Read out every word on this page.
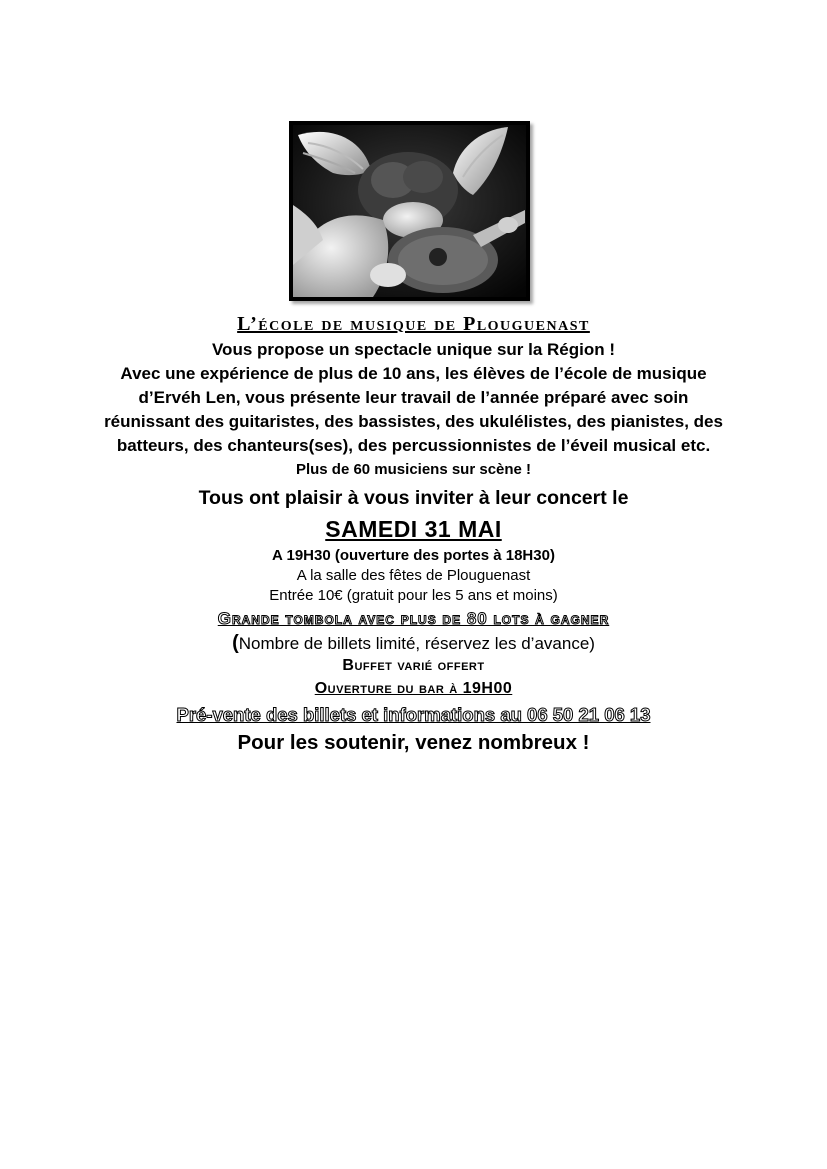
L’école de musique de Plouguenast

Vous propose un spectacle unique sur la Région !

Avec une expérience de plus de 10 ans, les élèves de l’école de musique

d’Ervéh Len, vous présente leur travail de l’année préparé avec soin

réunissant des guitaristes, des bassistes, des ukulélistes, des pianistes, des

batteurs, des chanteurs(ses), des percussionnistes de l’éveil musical etc.

Plus de 60 musiciens sur scène !

Tous ont plaisir à vous inviter à leur concert le

SAMEDI 31 MAI

A 19H30 (ouverture des portes à 18H30)

A la salle des fêtes de Plouguenast

Entrée 10€ (gratuit pour les 5 ans et moins)

Grande tombola avec plus de 80 lots à gagner

(Nombre de billets limité, réservez les d’avance)

Buffet varié offert

Ouverture du bar à 19H00

Pré-vente des billets et informations au 06 50 21 06 13

Pour les soutenir, venez nombreux !
